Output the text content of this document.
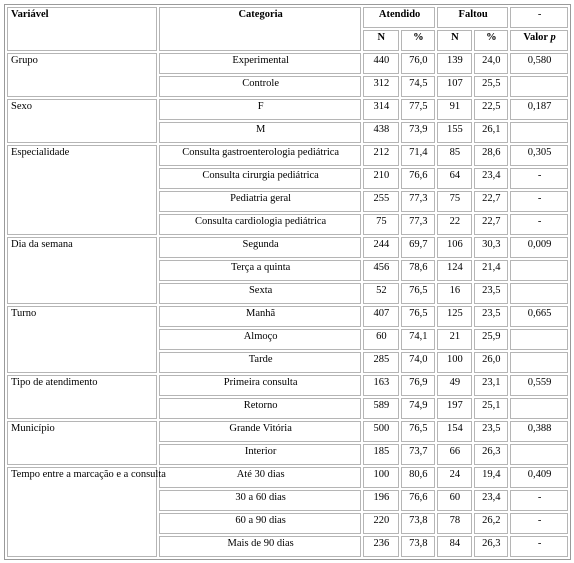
Variável	Categoria	Atendido		Faltou		-
		N	%	N	%	Valor p
Grupo	Experimental	440	76,0	139	24,0	0,580
	Controle	312	74,5	107	25,5	
Sexo	F	314	77,5	91	22,5	0,187
	M	438	73,9	155	26,1	
Especialidade	Consulta gastroenterologia pediátrica	212	71,4	85	28,6	0,305
	Consulta cirurgia pediátrica	210	76,6	64	23,4	-
	Pediatria geral	255	77,3	75	22,7	-
	Consulta cardiologia pediátrica	75	77,3	22	22,7	-
Dia da semana	Segunda	244	69,7	106	30,3	0,009
	Terça a quinta	456	78,6	124	21,4	
	Sexta	52	76,5	16	23,5	
Turno	Manhã	407	76,5	125	23,5	0,665
	Almoço	60	74,1	21	25,9	
	Tarde	285	74,0	100	26,0	
Tipo de atendimento	Primeira consulta	163	76,9	49	23,1	0,559
	Retorno	589	74,9	197	25,1	
Município	Grande Vitória	500	76,5	154	23,5	0,388
	Interior	185	73,7	66	26,3	
Tempo entre a marcação e a consulta	Até 30 dias	100	80,6	24	19,4	0,409
	30 a 60 dias	196	76,6	60	23,4	-
	60 a 90 dias	220	73,8	78	26,2	-
	Mais de 90 dias	236	73,8	84	26,3	-
